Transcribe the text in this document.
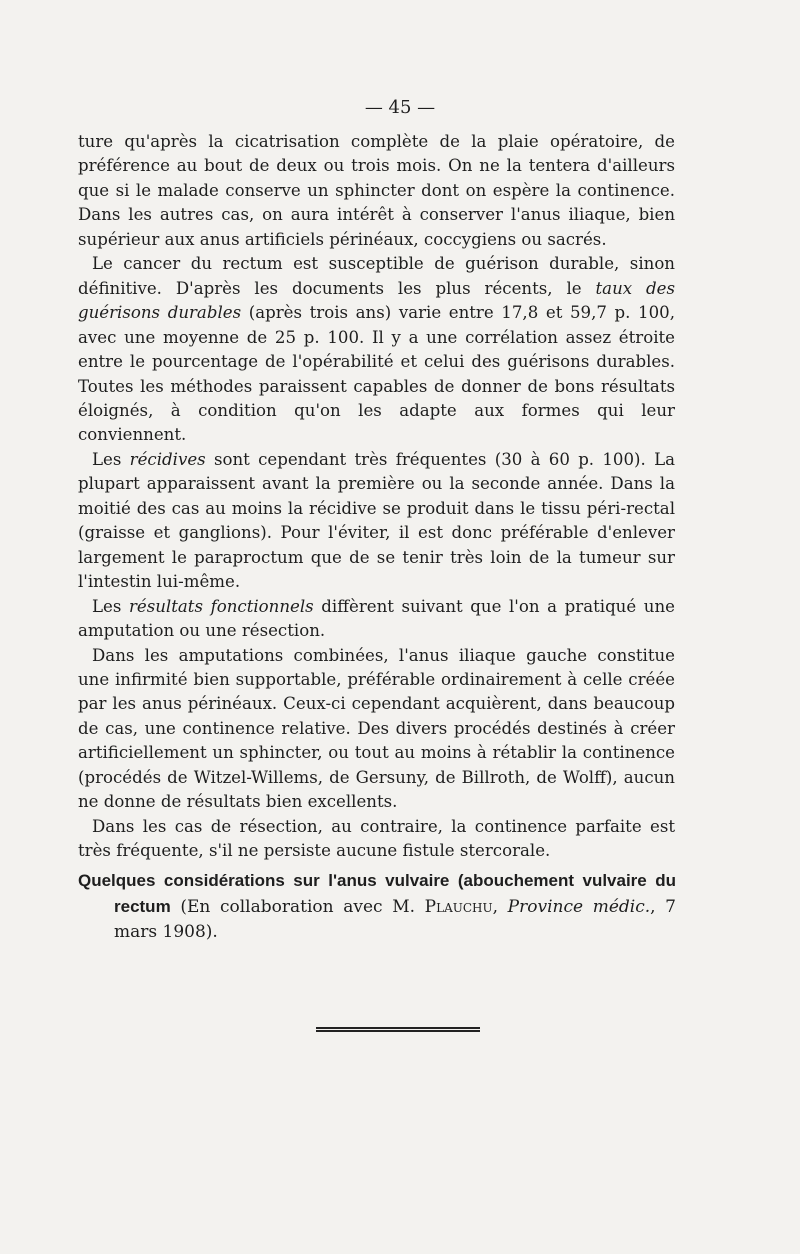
— 45 —

ture qu'après la cicatrisation complète de la plaie opératoire, de préférence au bout de deux ou trois mois. On ne la tentera d'ailleurs que si le malade conserve un sphincter dont on espère la continence. Dans les autres cas, on aura intérêt à conserver l'anus iliaque, bien supérieur aux anus artificiels périnéaux, coccygiens ou sacrés.

Le cancer du rectum est susceptible de guérison durable, sinon définitive. D'après les documents les plus récents, le taux des guérisons durables (après trois ans) varie entre 17,8 et 59,7 p. 100, avec une moyenne de 25 p. 100. Il y a une corrélation assez étroite entre le pourcentage de l'opérabilité et celui des guérisons durables. Toutes les méthodes paraissent capables de donner de bons résultats éloignés, à condition qu'on les adapte aux formes qui leur conviennent.

Les récidives sont cependant très fréquentes (30 à 60 p. 100). La plupart apparaissent avant la première ou la seconde année. Dans la moitié des cas au moins la récidive se produit dans le tissu péri-rectal (graisse et ganglions). Pour l'éviter, il est donc préférable d'enlever largement le paraproctum que de se tenir très loin de la tumeur sur l'intestin lui-même.

Les résultats fonctionnels diffèrent suivant que l'on a pratiqué une amputation ou une résection.

Dans les amputations combinées, l'anus iliaque gauche constitue une infirmité bien supportable, préférable ordinairement à celle créée par les anus périnéaux. Ceux-ci cependant acquièrent, dans beaucoup de cas, une continence relative. Des divers procédés destinés à créer artificiellement un sphincter, ou tout au moins à rétablir la continence (procédés de Witzel-Willems, de Gersuny, de Billroth, de Wolff), aucun ne donne de résultats bien excellents.

Dans les cas de résection, au contraire, la continence parfaite est très fréquente, s'il ne persiste aucune fistule stercorale.

Quelques considérations sur l'anus vulvaire (abouchement vulvaire du rectum (En collaboration avec M. Plauchu, Province médic., 7 mars 1908).
